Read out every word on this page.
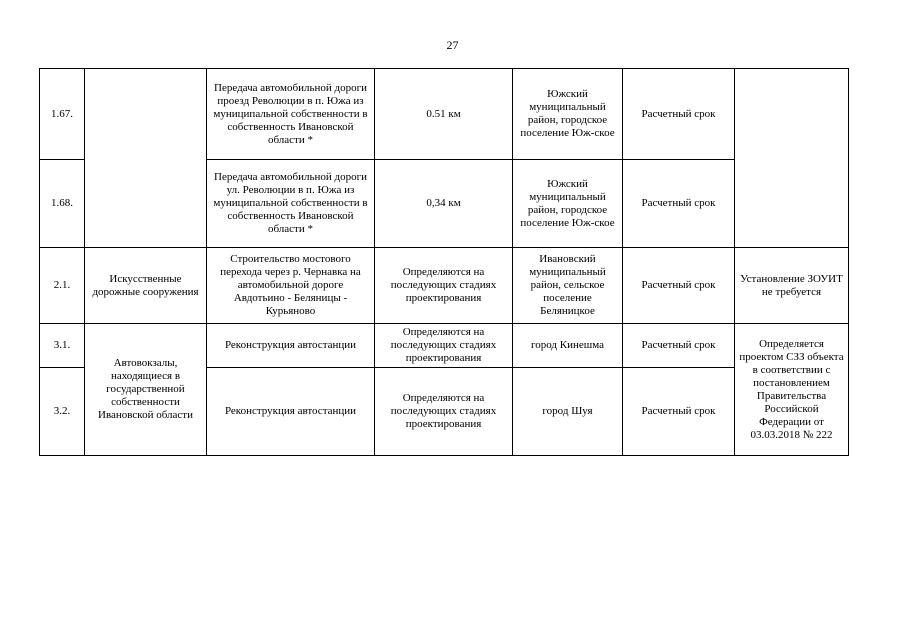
27
1.67.		Передача автомобильной дороги проезд Революции в п. Южа из муниципальной собственности в собственность Ивановской области *	0.51 км	Южский муниципальный район, городское поселение Юж-ское	Расчетный срок	
1.68.		Передача автомобильной дороги ул. Революции в п. Южа из муниципальной собственности в собственность Ивановской области *	0,34 км	Южский муниципальный район, городское поселение Юж-ское	Расчетный срок	
2.1.	Искусственные дорожные сооружения	Строительство мостового перехода через р. Чернавка на автомобильной дороге Авдотьино - Беляницы - Курьяново	Определяются на последующих стадиях проектирования	Ивановский муниципальный район, сельское поселение Беляницкое	Расчетный срок	Установление ЗОУИТ не требуется
3.1.	Автовокзалы, находящиеся в государственной собственности Ивановской области	Реконструкция автостанции	Определяются на последующих стадиях проектирования	город Кинешма	Расчетный срок	Определяется проектом СЗЗ объекта в соответствии с постановлением Правительства Российской Федерации от 03.03.2018 № 222
3.2.		Реконструкция автостанции	Определяются на последующих стадиях проектирования	город Шуя	Расчетный срок	
